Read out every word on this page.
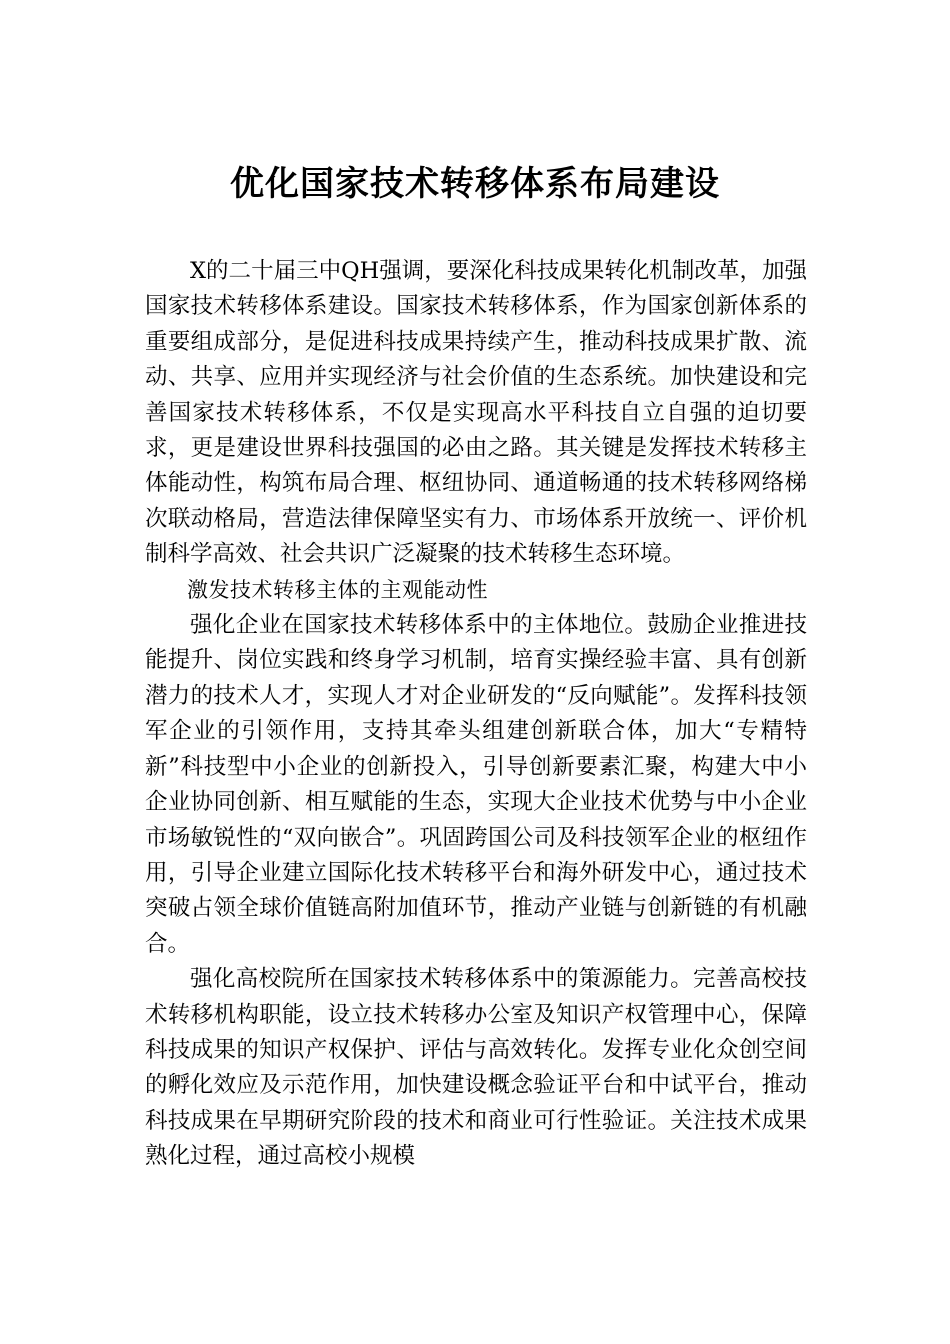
优化国家技术转移体系布局建设

X的二十届三中QH强调，要深化科技成果转化机制改革，加强国家技术转移体系建设。国家技术转移体系，作为国家创新体系的重要组成部分，是促进科技成果持续产生，推动科技成果扩散、流动、共享、应用并实现经济与社会价值的生态系统。加快建设和完善国家技术转移体系，不仅是实现高水平科技自立自强的迫切要求，更是建设世界科技强国的必由之路。其关键是发挥技术转移主体能动性，构筑布局合理、枢纽协同、通道畅通的技术转移网络梯次联动格局，营造法律保障坚实有力、市场体系开放统一、评价机制科学高效、社会共识广泛凝聚的技术转移生态环境。

激发技术转移主体的主观能动性

强化企业在国家技术转移体系中的主体地位。鼓励企业推进技能提升、岗位实践和终身学习机制，培育实操经验丰富、具有创新潜力的技术人才，实现人才对企业研发的“反向赋能”。发挥科技领军企业的引领作用，支持其牵头组建创新联合体，加大“专精特新”科技型中小企业的创新投入，引导创新要素汇聚，构建大中小企业协同创新、相互赋能的生态，实现大企业技术优势与中小企业市场敏锐性的“双向嵌合”。巩固跨国公司及科技领军企业的枢纽作用，引导企业建立国际化技术转移平台和海外研发中心，通过技术突破占领全球价值链高附加值环节，推动产业链与创新链的有机融合。

强化高校院所在国家技术转移体系中的策源能力。完善高校技术转移机构职能，设立技术转移办公室及知识产权管理中心，保障科技成果的知识产权保护、评估与高效转化。发挥专业化众创空间的孵化效应及示范作用，加快建设概念验证平台和中试平台，推动科技成果在早期研究阶段的技术和商业可行性验证。关注技术成果熟化过程，通过高校小规模
